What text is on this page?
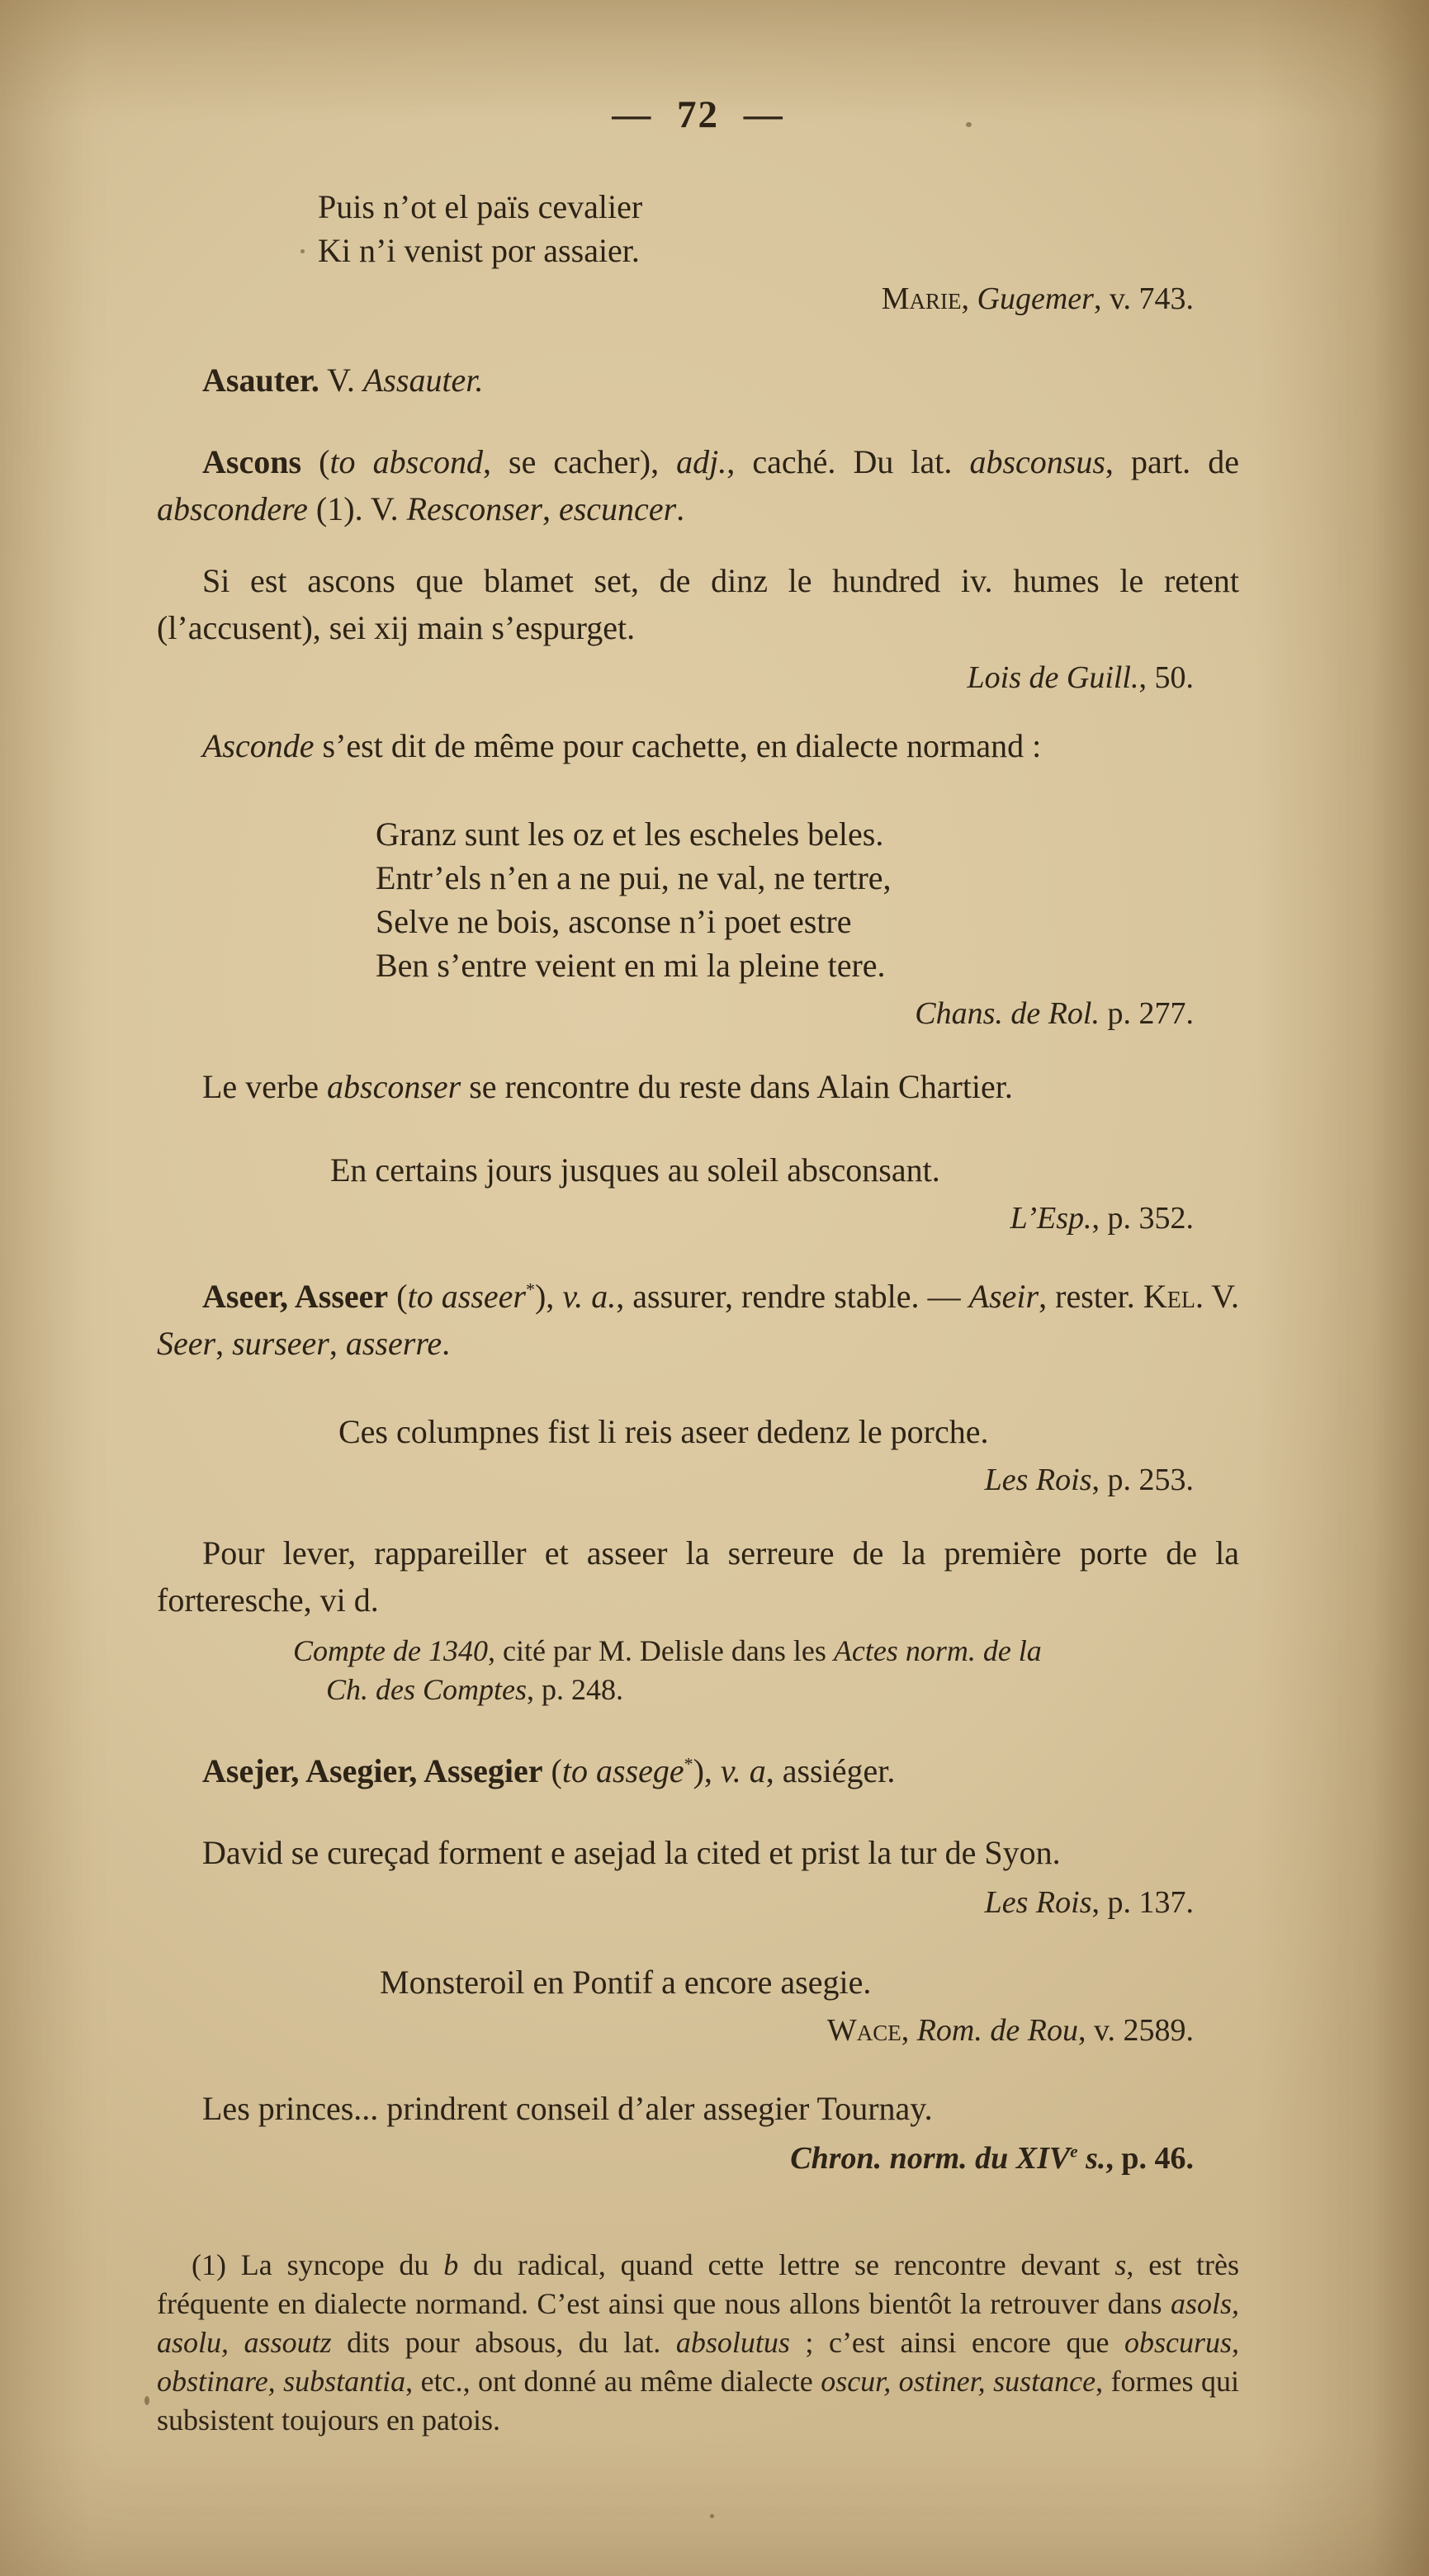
— 72 —
Puis n’ot el païs cevalier
Ki n’i venist por assaier.
Marie, Gugemer, v. 743.
Asauter. V. Assauter.
Ascons (to abscond, se cacher), adj., caché. Du lat. absconsus, part. de abscondere (1). V. Resconser, escuncer.
Si est ascons que blamet set, de dinz le hundred iv. humes le retent (l’accusent), sei xij main s’espurget.
Lois de Guill., 50.
Asconde s’est dit de même pour cachette, en dialecte normand :
Granz sunt les oz et les escheles beles.
Entr’els n’en a ne pui, ne val, ne tertre,
Selve ne bois, asconse n’i poet estre
Ben s’entre veient en mi la pleine tere.
Chans. de Rol. p. 277.
Le verbe absconser se rencontre du reste dans Alain Chartier.
En certains jours jusques au soleil absconsant.
L’Esp., p. 352.
Aseer, Asseer (to asseer*), v. a., assurer, rendre stable. — Aseir, rester. Kel. V. Seer, surseer, asserre.
Ces columpnes fist li reis aseer dedenz le porche.
Les Rois, p. 253.
Pour lever, rappareiller et asseer la serreure de la première porte de la forteresche, vi d.
Compte de 1340, cité par M. Delisle dans les Actes norm. de la
Ch. des Comptes, p. 248.
Asejer, Asegier, Assegier (to assege*), v. a, assiéger.
David se cureçad forment e asejad la cited et prist la tur de Syon.
Les Rois, p. 137.
Monsteroil en Pontif a encore asegie.
Wace, Rom. de Rou, v. 2589.
Les princes... prindrent conseil d’aler assegier Tournay.
Chron. norm. du XIVe s., p. 46.
(1) La syncope du b du radical, quand cette lettre se rencontre devant s, est très fréquente en dialecte normand. C’est ainsi que nous allons bientôt la retrouver dans asols, asolu, assoutz dits pour absous, du lat. absolutus ; c’est ainsi encore que obscurus, obstinare, substantia, etc., ont donné au même dialecte oscur, ostiner, sustance, formes qui subsistent toujours en patois.
